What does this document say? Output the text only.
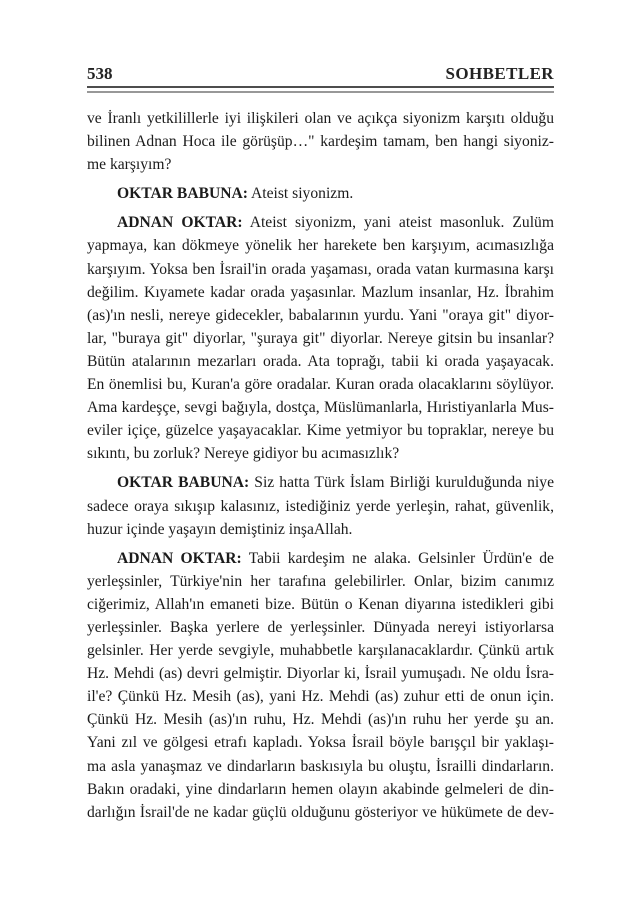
538	SOHBETLER

ve İranlı yetkilillerle iyi ilişkileri olan ve açıkça siyonizm karşıtı olduğu
bilinen Adnan Hoca ile görüşüp…" kardeşim tamam, ben hangi siyoniz-
me karşıyım?

OKTAR BABUNA: Ateist siyonizm.

ADNAN OKTAR: Ateist siyonizm, yani ateist masonluk. Zulüm
yapmaya, kan dökmeye yönelik her harekete ben karşıyım, acımasızlığa
karşıyım. Yoksa ben İsrail'in orada yaşaması, orada vatan kurmasına karşı
değilim. Kıyamete kadar orada yaşasınlar. Mazlum insanlar, Hz. İbrahim
(as)'ın nesli, nereye gidecekler, babalarının yurdu. Yani "oraya git" diyor-
lar, "buraya git" diyorlar, "şuraya git" diyorlar. Nereye gitsin bu insanlar?
Bütün atalarının mezarları orada. Ata toprağı, tabii ki orada yaşayacak.
En önemlisi bu, Kuran'a göre oradalar. Kuran orada olacaklarını söylüyor.
Ama kardeşçe, sevgi bağıyla, dostça, Müslümanlarla, Hıristiyanlarla Mus-
eviler içiçe, güzelce yaşayacaklar. Kime yetmiyor bu topraklar, nereye bu
sıkıntı, bu zorluk? Nereye gidiyor bu acımasızlık?

OKTAR BABUNA: Siz hatta Türk İslam Birliği kurulduğunda niye
sadece oraya sıkışıp kalasınız, istediğiniz yerde yerleşin, rahat, güvenlik,
huzur içinde yaşayın demiştiniz inşaAllah.

ADNAN OKTAR: Tabii kardeşim ne alaka. Gelsinler Ürdün'e de
yerleşsinler, Türkiye'nin her tarafına gelebilirler. Onlar, bizim canımız
ciğerimiz, Allah'ın emaneti bize. Bütün o Kenan diyarına istedikleri gibi
yerleşsinler. Başka yerlere de yerleşsinler. Dünyada nereyi istiyorlarsa
gelsinler. Her yerde sevgiyle, muhabbetle karşılanacaklardır. Çünkü artık
Hz. Mehdi (as) devri gelmiştir. Diyorlar ki, İsrail yumuşadı. Ne oldu İsra-
il'e? Çünkü Hz. Mesih (as), yani Hz. Mehdi (as) zuhur etti de onun için.
Çünkü Hz. Mesih (as)'ın ruhu, Hz. Mehdi (as)'ın ruhu her yerde şu an.
Yani zıl ve gölgesi etrafı kapladı. Yoksa İsrail böyle barışçıl bir yaklaşı-
ma asla yanaşmaz ve dindarların baskısıyla bu oluştu, İsrailli dindarların.
Bakın oradaki, yine dindarların hemen olayın akabinde gelmeleri de din-
darlığın İsrail'de ne kadar güçlü olduğunu gösteriyor ve hükümete de dev-
